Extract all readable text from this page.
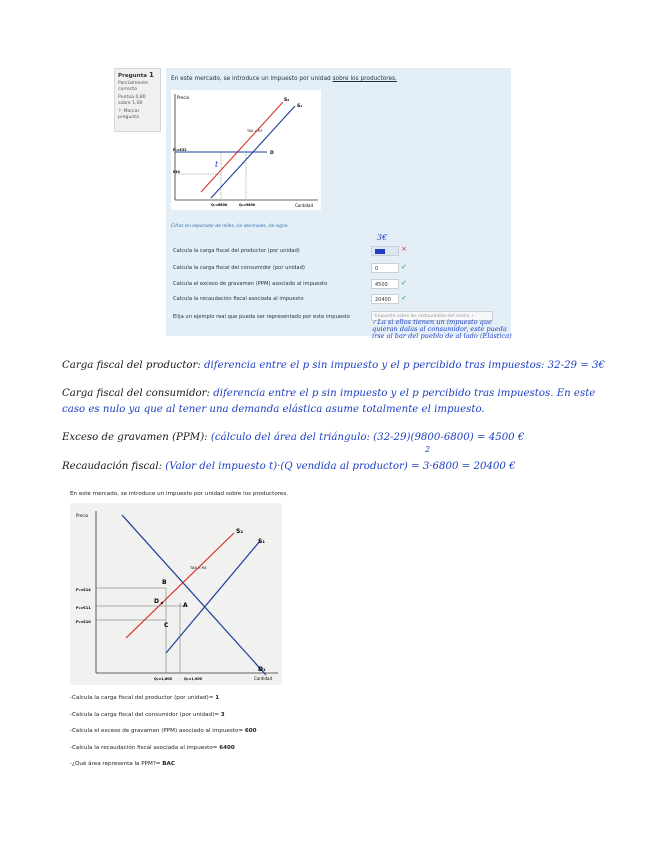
Pregunta 1
Parcialmente correcto
Puntúa 0,80 sobre 1,00
⚐ Marcar pregunta
En este mercado, se introduce un impuesto por unidad sobre los productores.
Precio
Cantidad
S₂
S₁
D
TAX = €3
P₁=€32
€34
t
Q₁=6800	Q₂=9800
Cifras sin separador de miles, sin decimales, sin signo.
3€
Calcula la carga fiscal del productor (por unidad)	eeee	×
Calcula la carga fiscal del consumidor (por unidad)	0	✓
Calcula el exceso de gravamen (PPM) asociado al impuesto	4500	✓
Calcula la recaudación fiscal asociada al impuesto	20400	✓
Elija un ejemplo real que pueda ser representado por este impuesto	Impuesto sobre los restaurantes del centro ÷
✓La si ellos tienen un impuesto que
quieran dalas al consumidor, este pueda
irse al bar del pueblo de al lado (Elástica)
Carga fiscal del productor: diferencia entre el p sin impuesto y el p percibido tras impuestos: 32-29 = 3€
Carga fiscal del consumidor: diferencia entre el p sin impuesto y el p percibido tras impuestos. En este
caso es nulo ya que al tener una demanda elástica asume totalmente el impuesto.
Exceso de gravamen (PPM): (cálculo del área del triángulo: (32-29)(9800-6800) = 4500 €
2
Recaudación fiscal: (Valor del impuesto t)·(Q vendida al productor) = 3·6800 = 20400 €
En este mercado, se introduce un impuesto por unidad sobre los productores.
Precio
Cantidad
S₂
S₁
D₁
TAX = €4
P₁=€14
P₂=€11
P₃=€10
B
D
A
C
Q₂=1,600	Q₁=1,900
-Calcula la carga fiscal del productor (por unidad)= 1
-Calcula la carga fiscal del consumidor (por unidad)= 3
-Calcula el exceso de gravamen (PPM) asociado al impuesto= 600
-Calcula la recaudación fiscal asociada al impuesto= 6400
-¿Qué área representa la PPM?= BAC
